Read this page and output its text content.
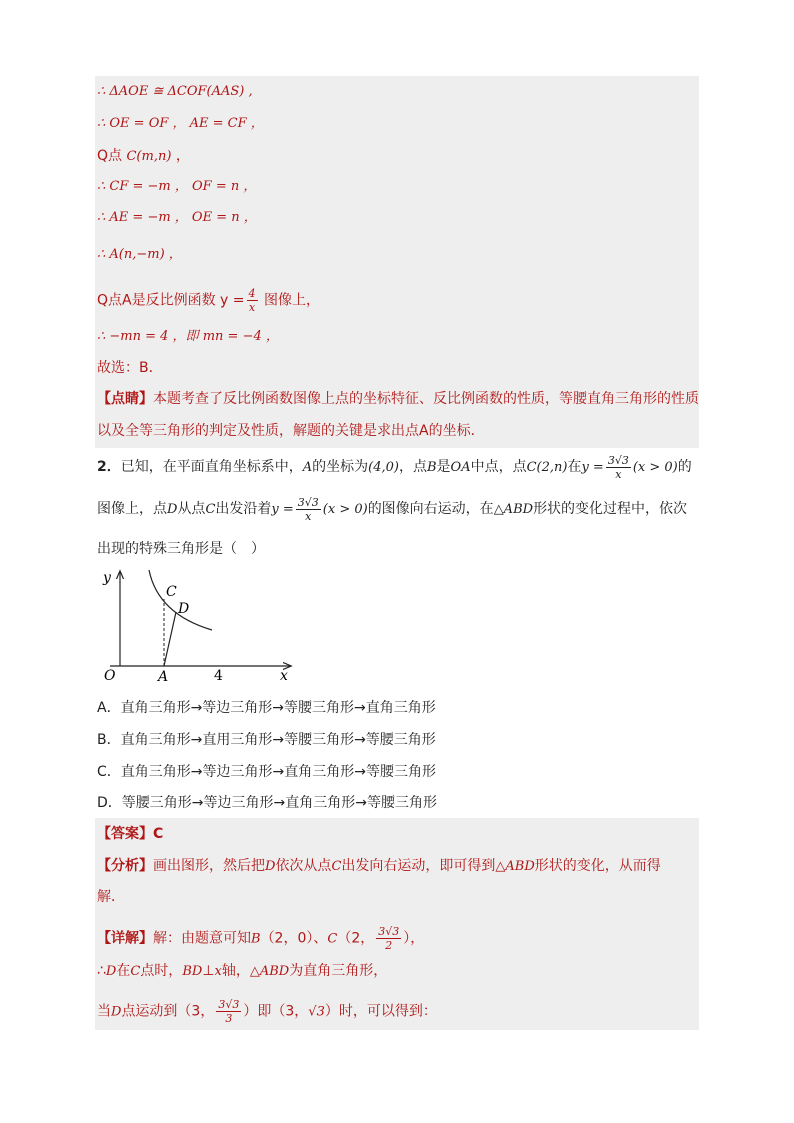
∴ ΔAOE ≅ ΔCOF(AAS) ,
∴ OE = OF ， AE = CF ，
Q点 C(m,n) ，
∴ CF = −m ， OF = n ，
∴ AE = −m ， OE = n ，
∴ A(n,−m) ，
Q点A是反比例函数 $y = \frac{4}{x}$ 图像上，
∴ −mn = 4 ，即 mn = −4 ，
故选：B．
【点睛】本题考查了反比例函数图像上点的坐标特征、反比例函数的性质，等腰直角三角形的性质
以及全等三角形的判定及性质，解题的关键是求出点A的坐标．
2．已知，在平面直角坐标系中，A的坐标为(4,0)，点B是OA中点，点C(2,n)在$y = \frac{3√3}{x} (x > 0)$的
图像上，点D从点C出发沿着$y = \frac{3√3}{x} (x > 0)$的图像向右运动，在△ABD形状的变化过程中，依次
出现的特殊三角形是（　）
y
x
O	A
C
D
4
A．直角三角形→等边三角形→等腰三角形→直角三角形
B．直角三角形→直用三角形→等腰三角形→等腰三角形
C．直角三角形→等边三角形→直角三角形→等腰三角形
D．等腰三角形→等边三角形→直角三角形→等腰三角形
【答案】C
【分析】画出图形，然后把D依次从点C出发向右运动，即可得到△ABD形状的变化，从而得
解．
【详解】解：由题意可知B（2，0）、C（2， $\frac{3√3}{2}$ ），
∴D在C点时，BD⊥x轴，△ABD为直角三角形，
当D点运动到（3， $\frac{3√3}{3}$ ）即（3，√3）时，可以得到：
